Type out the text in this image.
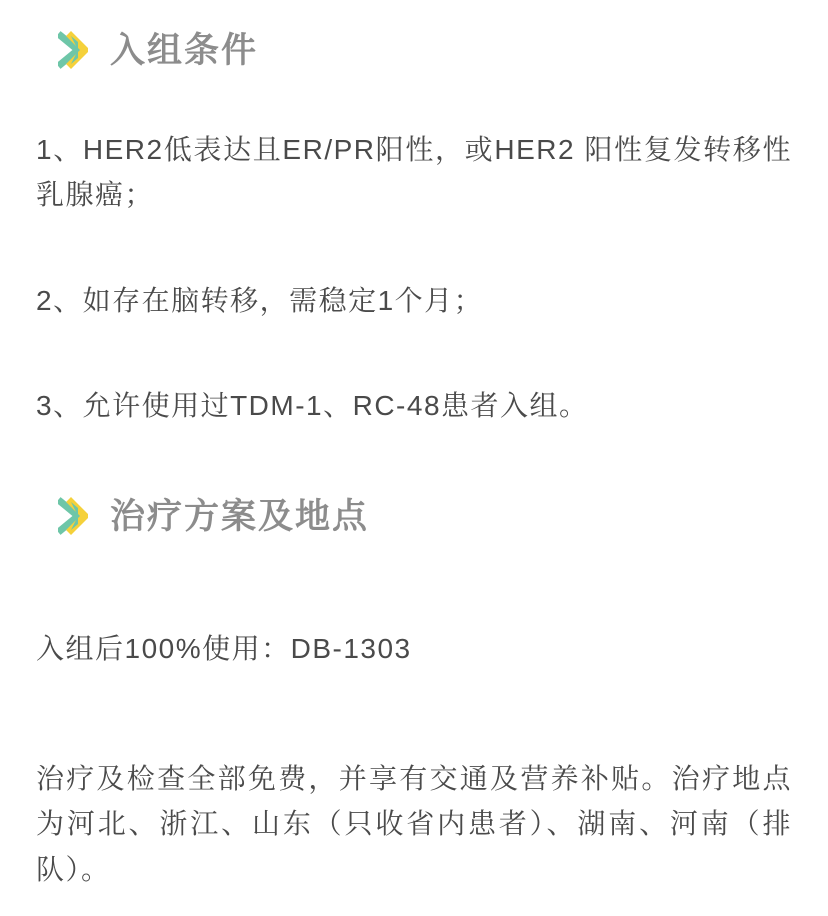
入组条件

1、HER2低表达且ER/PR阳性，或HER2 阳性复发转移性乳腺癌；

2、如存在脑转移，需稳定1个月；

3、允许使用过TDM-1、RC-48患者入组。

治疗方案及地点

入组后100%使用：DB-1303

治疗及检查全部免费，并享有交通及营养补贴。治疗地点为河北、浙江、山东（只收省内患者）、湖南、河南（排队）。
